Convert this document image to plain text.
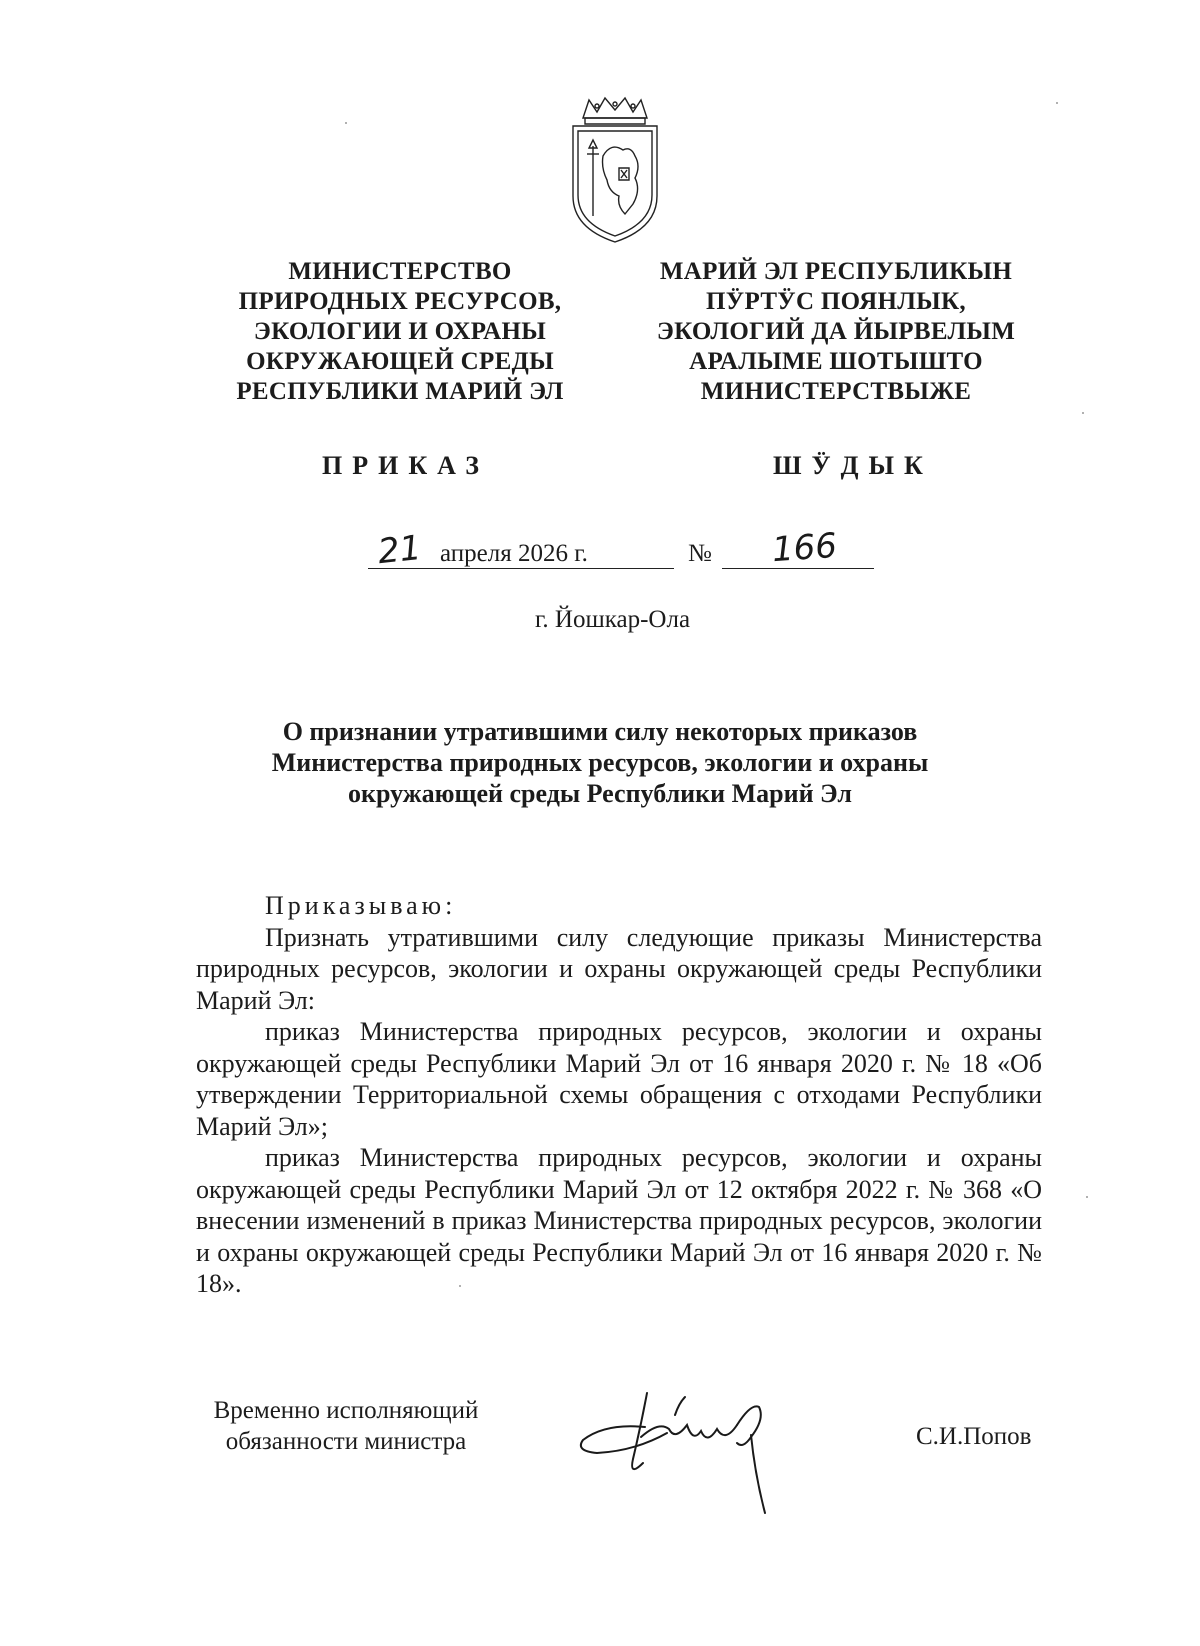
МИНИСТЕРСТВО
ПРИРОДНЫХ РЕСУРСОВ,
ЭКОЛОГИИ И ОХРАНЫ
ОКРУЖАЮЩЕЙ СРЕДЫ
РЕСПУБЛИКИ МАРИЙ ЭЛ
МАРИЙ ЭЛ РЕСПУБЛИКЫН
ПӰРТӰС ПОЯНЛЫК,
ЭКОЛОГИЙ ДА ЙЫРВЕЛЫМ
АРАЛЫМЕ ШОТЫШТО
МИНИСТЕРСТВЫЖЕ
ПРИКАЗ	ШӰДЫК
21 апреля 2026 г.	№ 166
г. Йошкар-Ола
О признании утратившими силу некоторых приказов
Министерства природных ресурсов, экологии и охраны
окружающей среды Республики Марий Эл
Приказываю:

Признать утратившими силу следующие приказы Министерства природных ресурсов, экологии и охраны окружающей среды Республики Марий Эл:

приказ Министерства природных ресурсов, экологии и охраны окружающей среды Республики Марий Эл от 16 января 2020 г. № 18 «Об утверждении Территориальной схемы обращения с отходами Республики Марий Эл»;

приказ Министерства природных ресурсов, экологии и охраны окружающей среды Республики Марий Эл от 12 октября 2022 г. № 368 «О внесении изменений в приказ Министерства природных ресурсов, экологии и охраны окружающей среды Республики Марий Эл от 16 января 2020 г. № 18».

Временно исполняющий
обязанности министра	С.И.Попов
